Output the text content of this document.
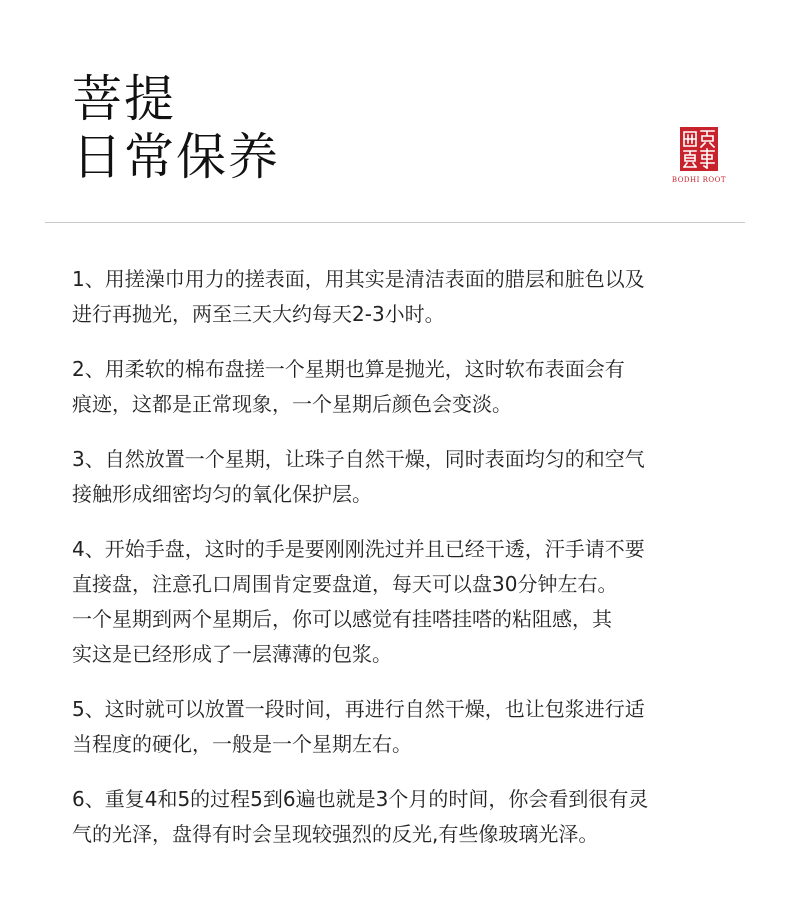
菩提
日常保养	BODHI ROOT
1、用搓澡巾用力的搓表面，用其实是清洁表面的腊层和脏色以及
进行再抛光，两至三天大约每天2-3小时。
2、用柔软的棉布盘搓一个星期也算是抛光，这时软布表面会有
痕迹，这都是正常现象，一个星期后颜色会变淡。
3、自然放置一个星期，让珠子自然干燥，同时表面均匀的和空气
接触形成细密均匀的氧化保护层。
4、开始手盘，这时的手是要刚刚洗过并且已经干透，汗手请不要
直接盘，注意孔口周围肯定要盘道，每天可以盘30分钟左右。
一个星期到两个星期后，你可以感觉有挂嗒挂嗒的粘阻感，其
实这是已经形成了一层薄薄的包浆。
5、这时就可以放置一段时间，再进行自然干燥，也让包浆进行适
当程度的硬化，一般是一个星期左右。
6、重复4和5的过程5到6遍也就是3个月的时间，你会看到很有灵
气的光泽，盘得有时会呈现较强烈的反光,有些像玻璃光泽。
